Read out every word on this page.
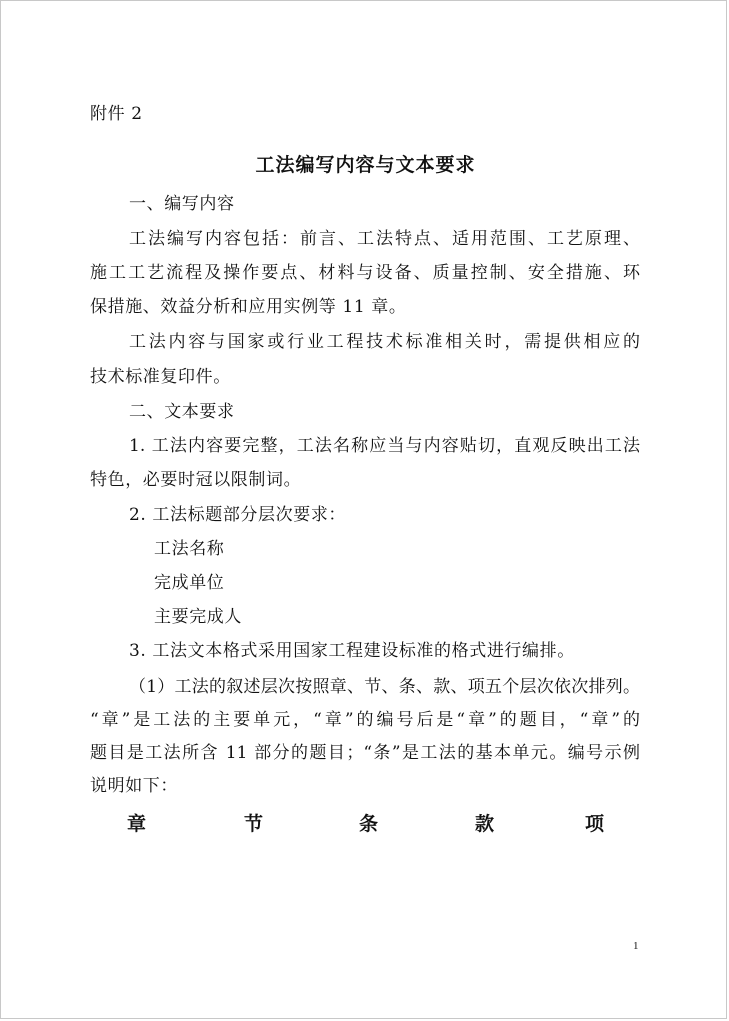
附件 2
工法编写内容与文本要求
一、编写内容
工法编写内容包括：前言、工法特点、适用范围、工艺原理、
施工工艺流程及操作要点、材料与设备、质量控制、安全措施、环
保措施、效益分析和应用实例等 11 章。
工法内容与国家或行业工程技术标准相关时，需提供相应的
技术标准复印件。
二、文本要求
1. 工法内容要完整，工法名称应当与内容贴切，直观反映出工法
特色，必要时冠以限制词。
2. 工法标题部分层次要求：
工法名称
完成单位
主要完成人
3. 工法文本格式采用国家工程建设标准的格式进行编排。
（1）工法的叙述层次按照章、节、条、款、项五个层次依次排列。
“章”是工法的主要单元，“章”的编号后是“章”的题目，“章”的
题目是工法所含 11 部分的题目；“条”是工法的基本单元。编号示例
说明如下：
章	节	条	款	项
1
